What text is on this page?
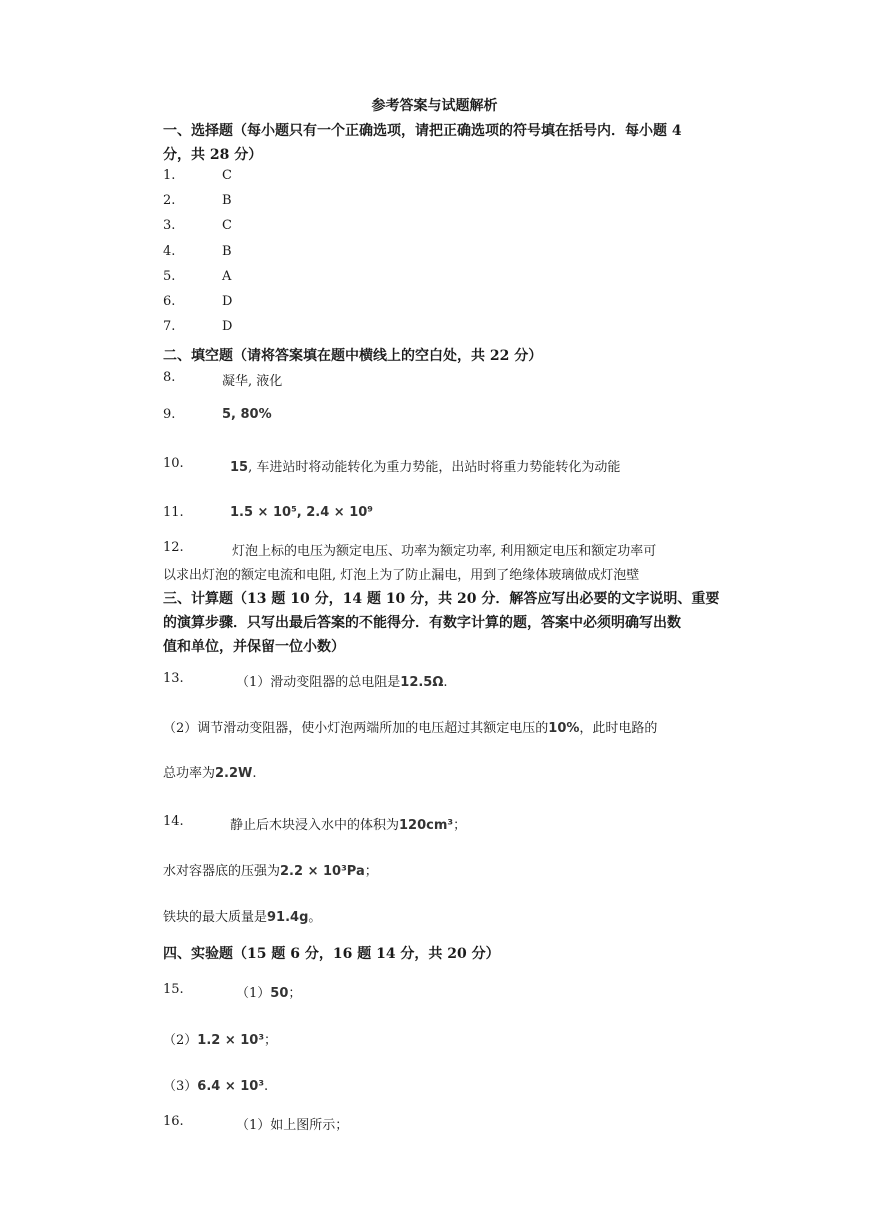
参考答案与试题解析
一、选择题（每小题只有一个正确选项，请把正确选项的符号填在括号内．每小题 4
分，共 28 分）
1.	C
2.	B
3.	C
4.	B
5.	A
6.	D
7.	D
二、填空题（请将答案填在题中横线上的空白处，共 22 分）
8.	凝华, 液化
9.	5, 80%
10.	15, 车进站时将动能转化为重力势能，出站时将重力势能转化为动能
11.	1.5 × 10⁵, 2.4 × 10⁹
12.	灯泡上标的电压为额定电压、功率为额定功率, 利用额定电压和额定功率可
以求出灯泡的额定电流和电阻, 灯泡上为了防止漏电，用到了绝缘体玻璃做成灯泡壁
三、计算题（13 题 10 分，14 题 10 分，共 20 分．解答应写出必要的文字说明、重要
的演算步骤．只写出最后答案的不能得分．有数字计算的题，答案中必须明确写出数
值和单位，并保留一位小数）
13.	（1）滑动变阻器的总电阻是12.5Ω.
（2）调节滑动变阻器，使小灯泡两端所加的电压超过其额定电压的10%，此时电路的
总功率为2.2W.
14.	静止后木块浸入水中的体积为120cm³；
水对容器底的压强为2.2 × 10³Pa；
铁块的最大质量是91.4g。
四、实验题（15 题 6 分，16 题 14 分，共 20 分）
15.	（1）50；
（2）1.2 × 10³；
（3）6.4 × 10³.
16.	（1）如上图所示；
